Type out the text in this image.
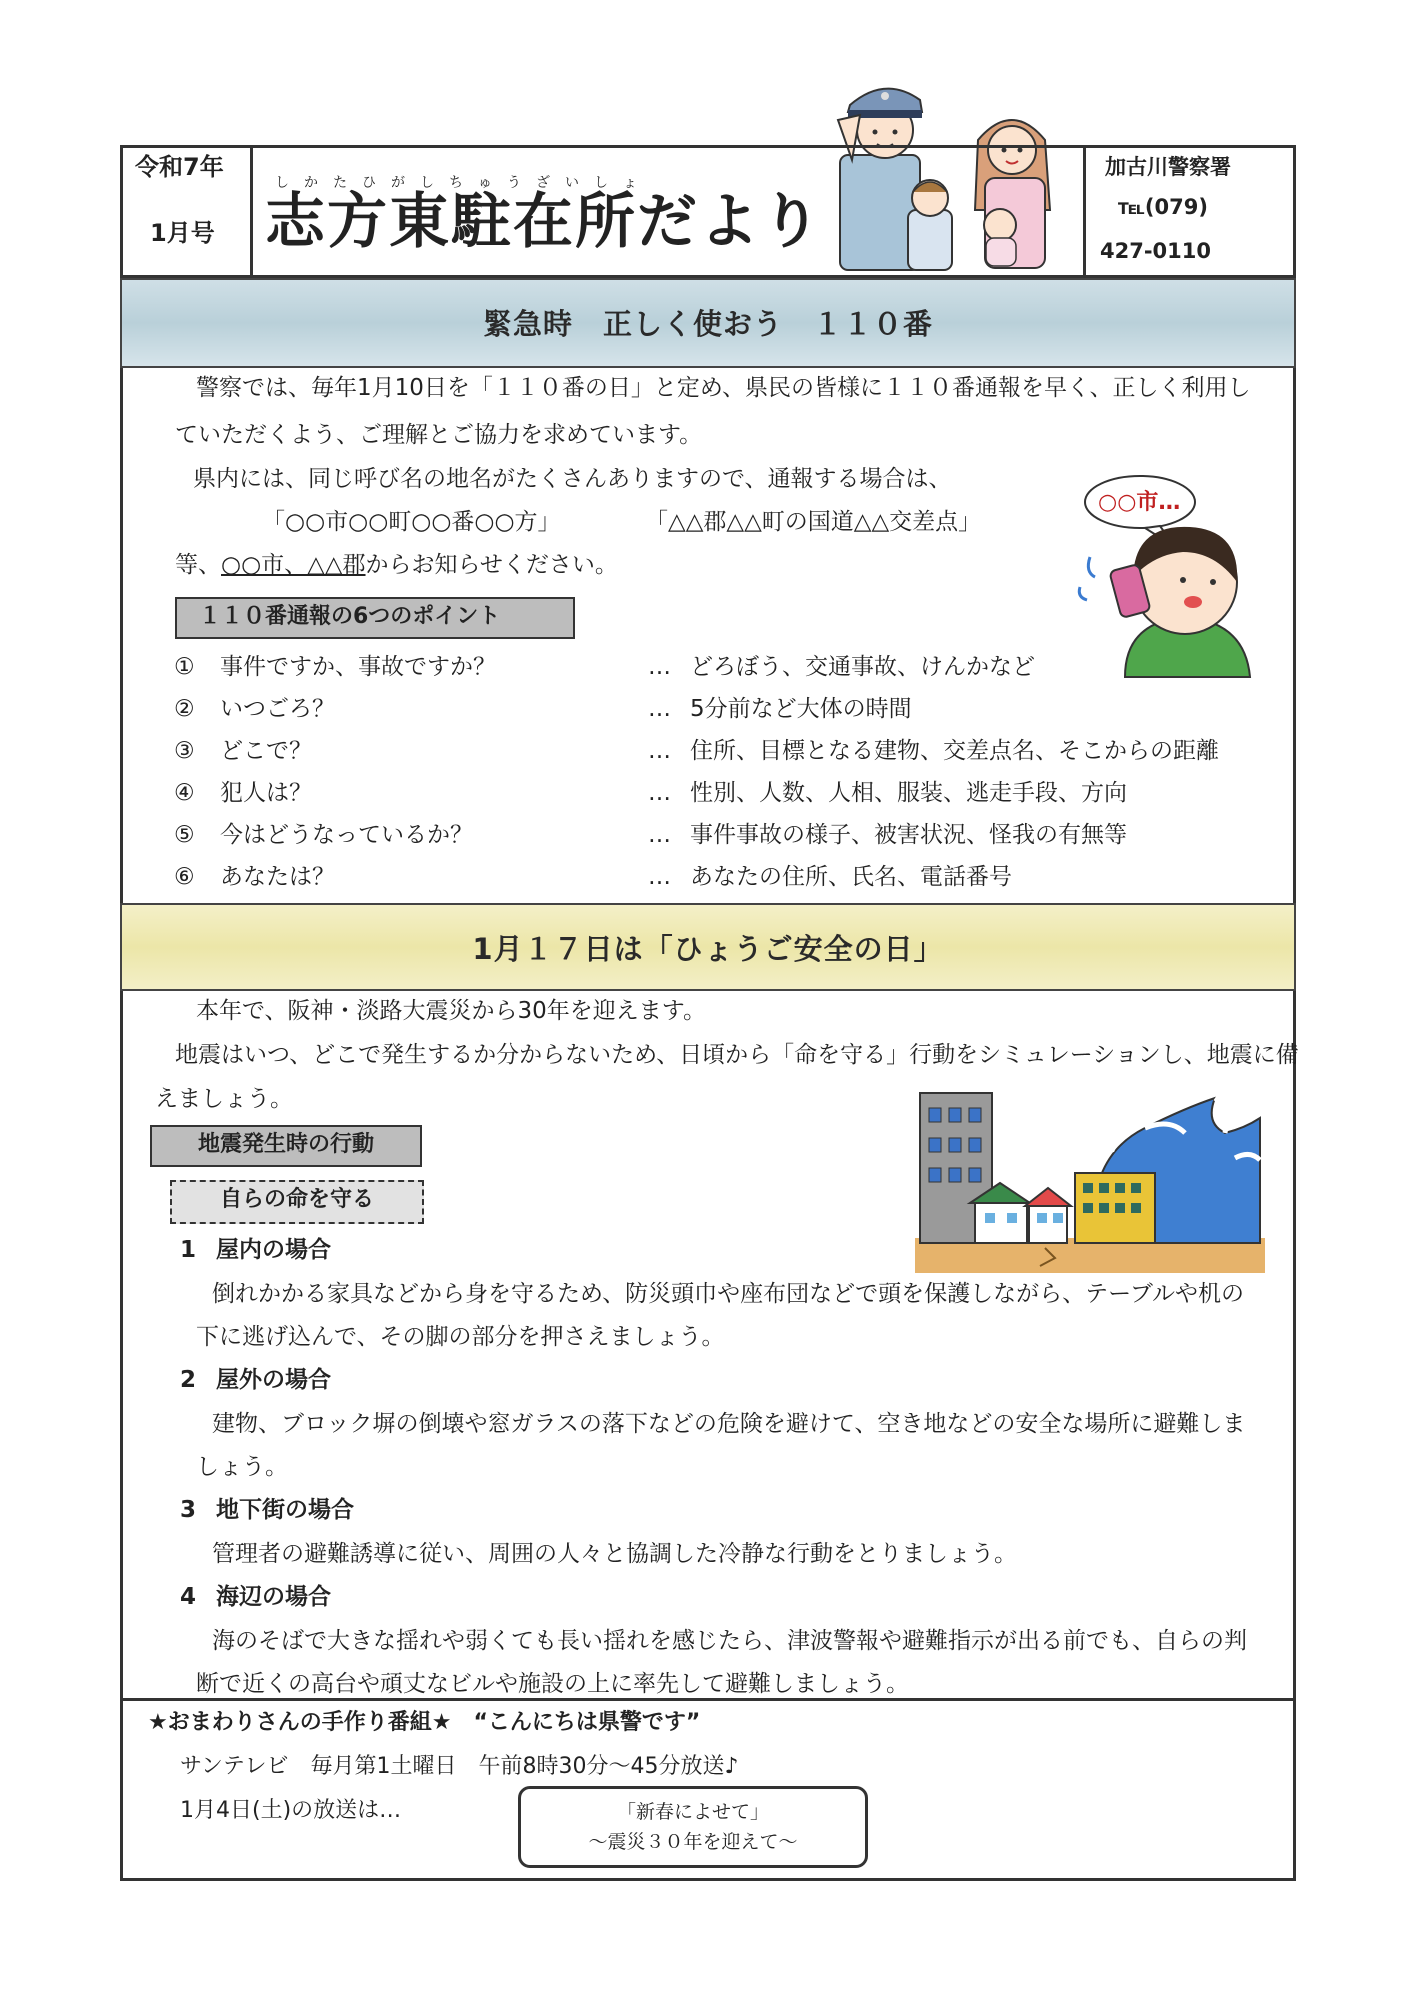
令和7年
1月号
しかたひがしちゅうざいしょ
志方東駐在所だより
加古川警察署
℡(079)
427-0110
緊急時　正しく使おう　１１０番
警察では、毎年1月10日を「１１０番の日」と定め、県民の皆様に１１０番通報を早く、正しく利用し
ていただくよう、ご理解とご協力を求めています。
県内には、同じ呼び名の地名がたくさんありますので、通報する場合は、
「○○市○○町○○番○○方」	「△△郡△△町の国道△△交差点」
等、○○市、△△郡からお知らせください。
○○市…
１１０番通報の6つのポイント
① 事件ですか、事故ですか？	… どろぼう、交通事故、けんかなど
② いつごろ？	… 5分前など大体の時間
③ どこで？	… 住所、目標となる建物、交差点名、そこからの距離
④ 犯人は？	… 性別、人数、人相、服装、逃走手段、方向
⑤ 今はどうなっているか？	… 事件事故の様子、被害状況、怪我の有無等
⑥ あなたは？	… あなたの住所、氏名、電話番号
1月１７日は「ひょうご安全の日」
本年で、阪神・淡路大震災から30年を迎えます。
地震はいつ、どこで発生するか分からないため、日頃から「命を守る」行動をシミュレーションし、地震に備
えましょう。
地震発生時の行動
自らの命を守る
1 屋内の場合
倒れかかる家具などから身を守るため、防災頭巾や座布団などで頭を保護しながら、テーブルや机の
下に逃げ込んで、その脚の部分を押さえましょう。
2 屋外の場合
建物、ブロック塀の倒壊や窓ガラスの落下などの危険を避けて、空き地などの安全な場所に避難しま
しょう。
3 地下街の場合
管理者の避難誘導に従い、周囲の人々と協調した冷静な行動をとりましょう。
4 海辺の場合
海のそばで大きな揺れや弱くても長い揺れを感じたら、津波警報や避難指示が出る前でも、自らの判
断で近くの高台や頑丈なビルや施設の上に率先して避難しましょう。
★おまわりさんの手作り番組★　“こんにちは県警です”
サンテレビ　毎月第1土曜日　午前8時30分～45分放送♪
1月4日(土)の放送は…	「新春によせて」
～震災３０年を迎えて～
